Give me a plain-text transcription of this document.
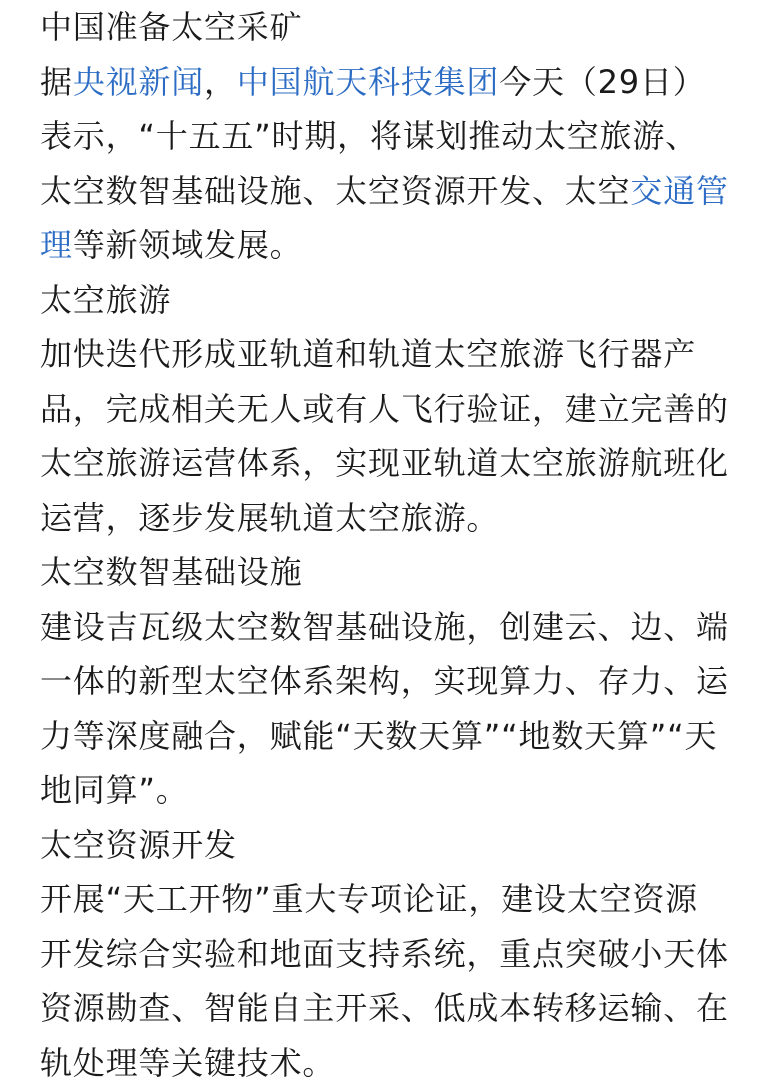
中国准备太空采矿

据央视新闻，中国航天科技集团今天（29日）表示，“十五五”时期，将谋划推动太空旅游、太空数智基础设施、太空资源开发、太空交通管理等新领域发展。

太空旅游

加快迭代形成亚轨道和轨道太空旅游飞行器产品，完成相关无人或有人飞行验证，建立完善的太空旅游运营体系，实现亚轨道太空旅游航班化运营，逐步发展轨道太空旅游。

太空数智基础设施

建设吉瓦级太空数智基础设施，创建云、边、端一体的新型太空体系架构，实现算力、存力、运力等深度融合，赋能“天数天算”“地数天算”“天地同算”。

太空资源开发

开展“天工开物”重大专项论证，建设太空资源开发综合实验和地面支持系统，重点突破小天体资源勘查、智能自主开采、低成本转移运输、在轨处理等关键技术。
